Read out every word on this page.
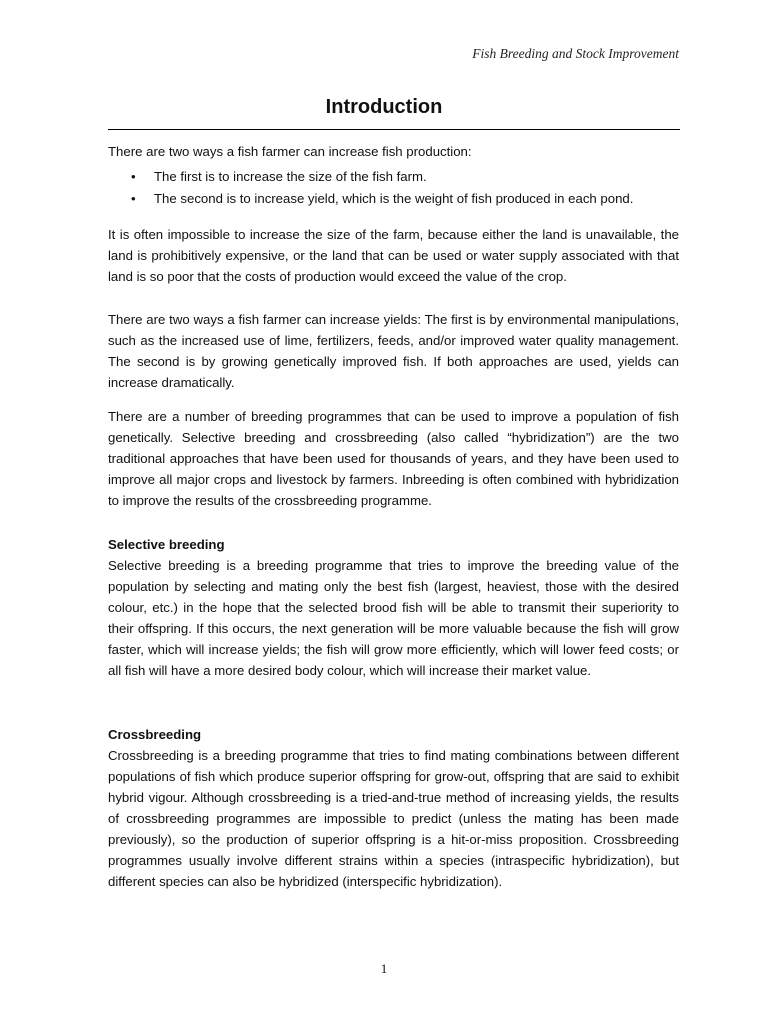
Fish Breeding and Stock Improvement
Introduction

There are two ways a fish farmer can increase fish production:

• The first is to increase the size of the fish farm.
• The second is to increase yield, which is the weight of fish produced in each pond.

It is often impossible to increase the size of the farm, because either the land is unavailable, the land is prohibitively expensive, or the land that can be used or water supply associated with that land is so poor that the costs of production would exceed the value of the crop.

There are two ways a fish farmer can increase yields: The first is by environmental manipulations, such as the increased use of lime, fertilizers, feeds, and/or improved water quality management. The second is by growing genetically improved fish. If both approaches are used, yields can increase dramatically.

There are a number of breeding programmes that can be used to improve a population of fish genetically. Selective breeding and crossbreeding (also called “hybridization”) are the two traditional approaches that have been used for thousands of years, and they have been used to improve all major crops and livestock by farmers. Inbreeding is often combined with hybridization to improve the results of the crossbreeding programme.

Selective breeding

Selective breeding is a breeding programme that tries to improve the breeding value of the population by selecting and mating only the best fish (largest, heaviest, those with the desired colour, etc.) in the hope that the selected brood fish will be able to transmit their superiority to their offspring. If this occurs, the next generation will be more valuable because the fish will grow faster, which will increase yields; the fish will grow more efficiently, which will lower feed costs; or all fish will have a more desired body colour, which will increase their market value.

Crossbreeding

Crossbreeding is a breeding programme that tries to find mating combinations between different populations of fish which produce superior offspring for grow-out, offspring that are said to exhibit hybrid vigour. Although crossbreeding is a tried-and-true method of increasing yields, the results of crossbreeding programmes are impossible to predict (unless the mating has been made previously), so the production of superior offspring is a hit-or-miss proposition. Crossbreeding programmes usually involve different strains within a species (intraspecific hybridization), but different species can also be hybridized (interspecific hybridization).

1
